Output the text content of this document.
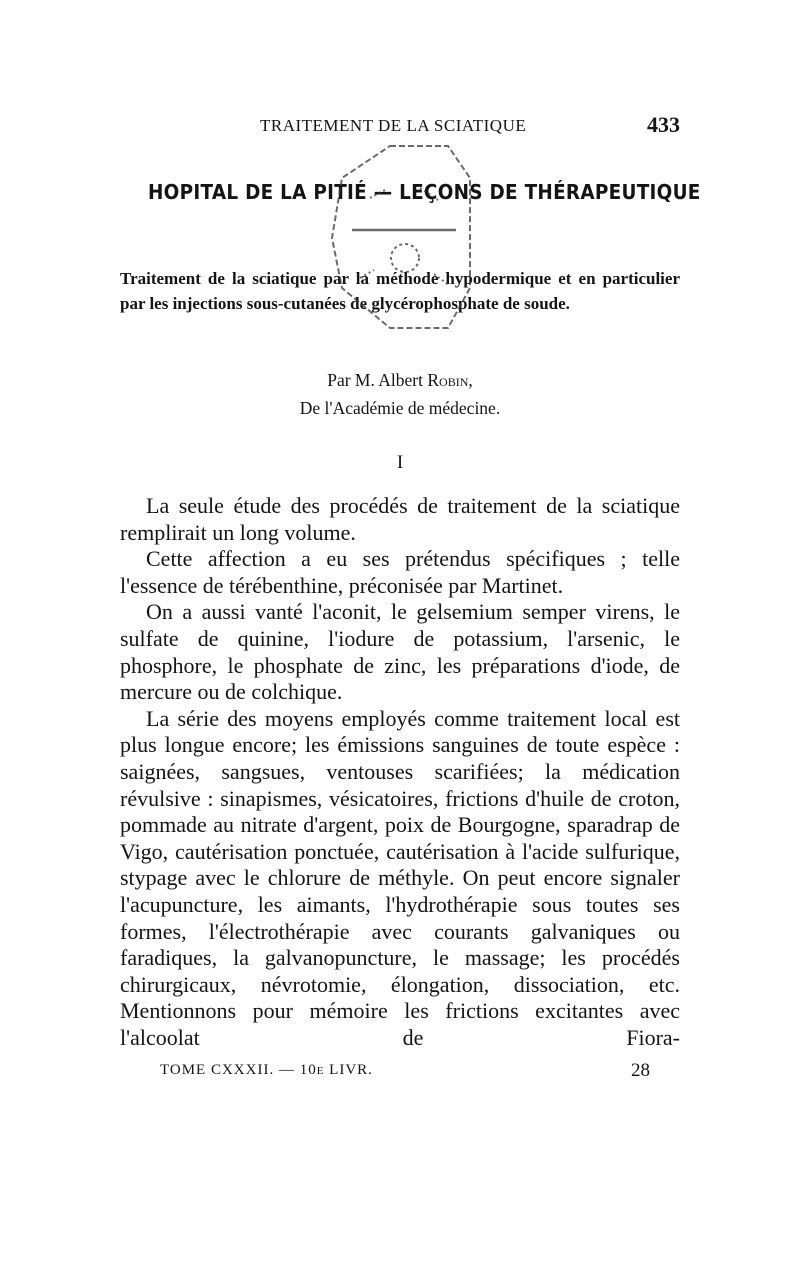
TRAITEMENT DE LA SCIATIQUE	433
HOPITAL DE LA PITIÉ — LEÇONS DE THÉRAPEUTIQUE
Traitement de la sciatique par la méthode hypodermique et en particulier par les injections sous-cutanées de glycérophosphate de soude.
Par M. Albert Robin,
De l'Académie de médecine.
I

La seule étude des procédés de traitement de la sciatique remplirait un long volume.

Cette affection a eu ses prétendus spécifiques ; telle l'essence de térébenthine, préconisée par Martinet.

On a aussi vanté l'aconit, le gelsemium semper virens, le sulfate de quinine, l'iodure de potassium, l'arsenic, le phosphore, le phosphate de zinc, les préparations d'iode, de mercure ou de colchique.

La série des moyens employés comme traitement local est plus longue encore; les émissions sanguines de toute espèce : saignées, sangsues, ventouses scarifiées; la médication révulsive : sinapismes, vésicatoires, frictions d'huile de croton, pommade au nitrate d'argent, poix de Bourgogne, sparadrap de Vigo, cautérisation ponctuée, cautérisation à l'acide sulfurique, stypage avec le chlorure de méthyle. On peut encore signaler l'acupuncture, les aimants, l'hydrothérapie sous toutes ses formes, l'électrothérapie avec courants galvaniques ou faradiques, la galvanopuncture, le massage; les procédés chirurgicaux, névrotomie, élongation, dissociation, etc. Mentionnons pour mémoire les frictions excitantes avec l'alcoolat de Fiora-

TOME CXXXII. — 10e LIVR.	28
